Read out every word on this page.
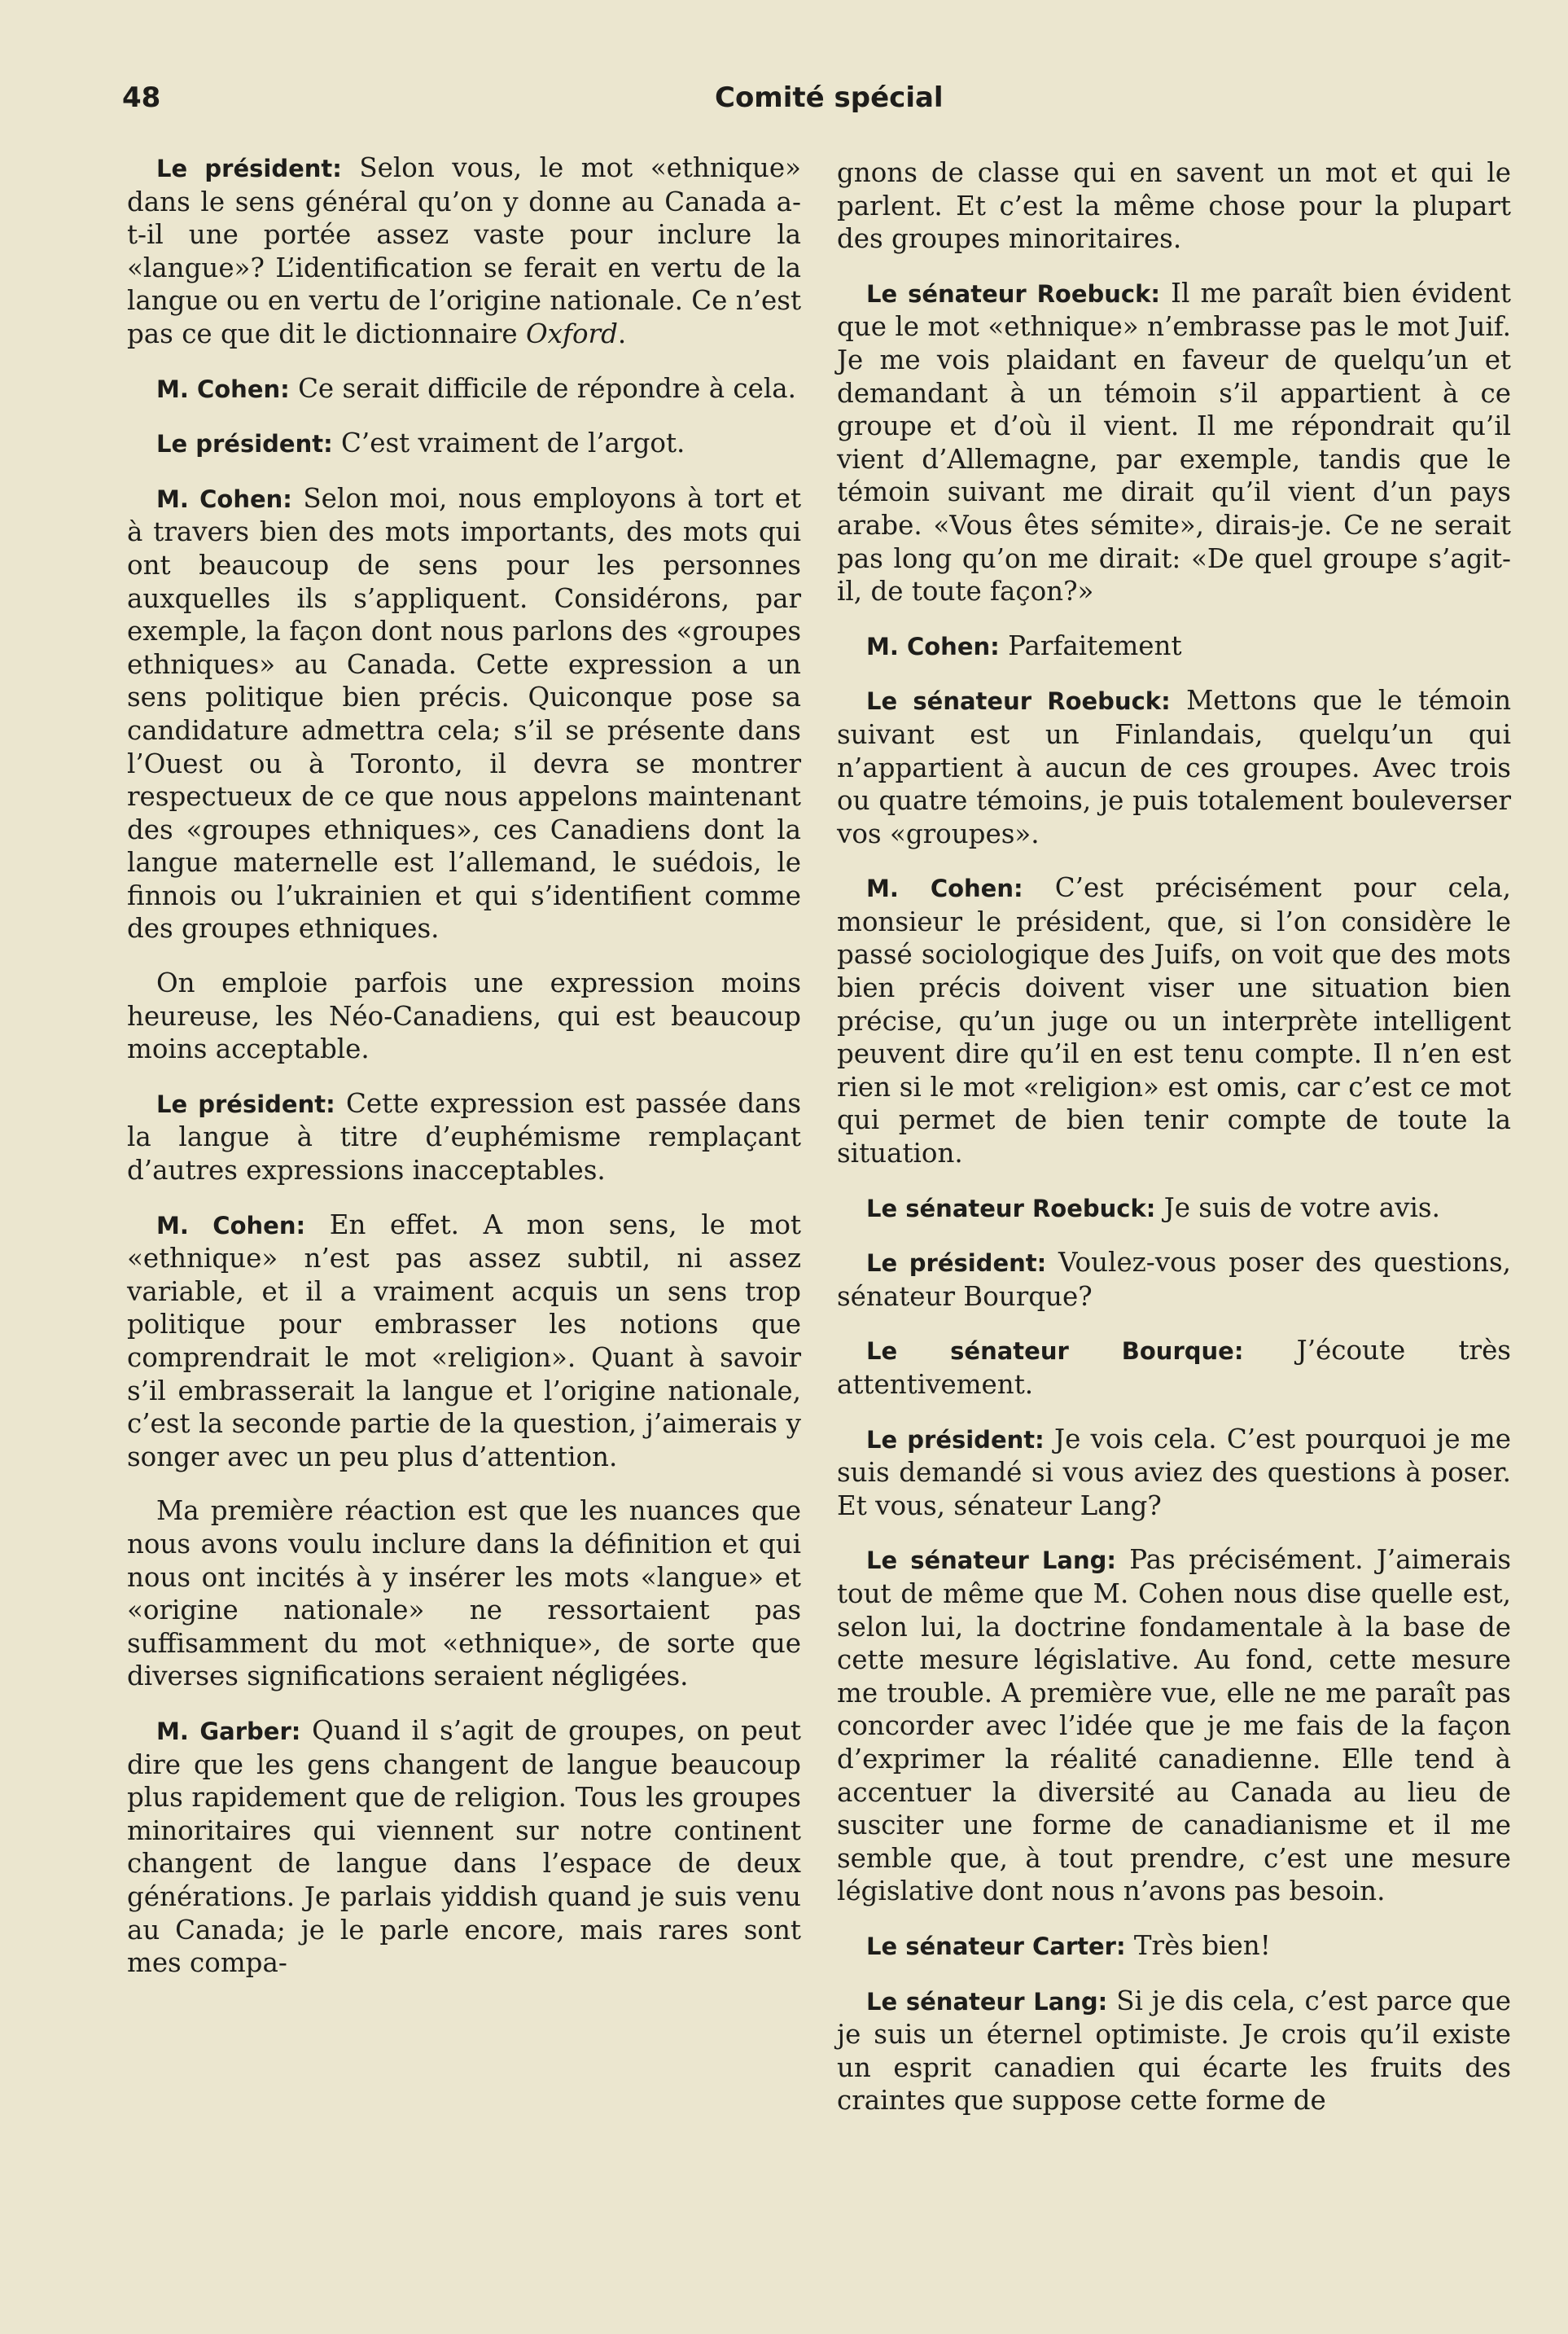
48	Comité spécial

Le président: Selon vous, le mot «ethnique» dans le sens général qu’on y donne au Canada a-t-il une portée assez vaste pour inclure la «langue»? L’identification se ferait en vertu de la langue ou en vertu de l’origine nationale. Ce n’est pas ce que dit le dictionnaire Oxford.

M. Cohen: Ce serait difficile de répondre à cela.

Le président: C’est vraiment de l’argot.

M. Cohen: Selon moi, nous employons à tort et à travers bien des mots importants, des mots qui ont beaucoup de sens pour les personnes auxquelles ils s’appliquent. Considérons, par exemple, la façon dont nous parlons des «groupes ethniques» au Canada. Cette expression a un sens politique bien précis. Quiconque pose sa candidature admettra cela; s’il se présente dans l’Ouest ou à Toronto, il devra se montrer respectueux de ce que nous appelons maintenant des «groupes ethniques», ces Canadiens dont la langue maternelle est l’allemand, le suédois, le finnois ou l’ukrainien et qui s’identifient comme des groupes ethniques.

On emploie parfois une expression moins heureuse, les Néo-Canadiens, qui est beaucoup moins acceptable.

Le président: Cette expression est passée dans la langue à titre d’euphémisme remplaçant d’autres expressions inacceptables.

M. Cohen: En effet. A mon sens, le mot «ethnique» n’est pas assez subtil, ni assez variable, et il a vraiment acquis un sens trop politique pour embrasser les notions que comprendrait le mot «religion». Quant à savoir s’il embrasserait la langue et l’origine nationale, c’est la seconde partie de la question, j’aimerais y songer avec un peu plus d’attention.

Ma première réaction est que les nuances que nous avons voulu inclure dans la définition et qui nous ont incités à y insérer les mots «langue» et «origine nationale» ne ressortaient pas suffisamment du mot «ethnique», de sorte que diverses significations seraient négligées.

M. Garber: Quand il s’agit de groupes, on peut dire que les gens changent de langue beaucoup plus rapidement que de religion. Tous les groupes minoritaires qui viennent sur notre continent changent de langue dans l’espace de deux générations. Je parlais yiddish quand je suis venu au Canada; je le parle encore, mais rares sont mes compa-

gnons de classe qui en savent un mot et qui le parlent. Et c’est la même chose pour la plupart des groupes minoritaires.

Le sénateur Roebuck: Il me paraît bien évident que le mot «ethnique» n’embrasse pas le mot Juif. Je me vois plaidant en faveur de quelqu’un et demandant à un témoin s’il appartient à ce groupe et d’où il vient. Il me répondrait qu’il vient d’Allemagne, par exemple, tandis que le témoin suivant me dirait qu’il vient d’un pays arabe. «Vous êtes sémite», dirais-je. Ce ne serait pas long qu’on me dirait: «De quel groupe s’agit-il, de toute façon?»

M. Cohen: Parfaitement

Le sénateur Roebuck: Mettons que le témoin suivant est un Finlandais, quelqu’un qui n’appartient à aucun de ces groupes. Avec trois ou quatre témoins, je puis totalement bouleverser vos «groupes».

M. Cohen: C’est précisément pour cela, monsieur le président, que, si l’on considère le passé sociologique des Juifs, on voit que des mots bien précis doivent viser une situation bien précise, qu’un juge ou un interprète intelligent peuvent dire qu’il en est tenu compte. Il n’en est rien si le mot «religion» est omis, car c’est ce mot qui permet de bien tenir compte de toute la situation.

Le sénateur Roebuck: Je suis de votre avis.

Le président: Voulez-vous poser des questions, sénateur Bourque?

Le sénateur Bourque: J’écoute très attentivement.

Le président: Je vois cela. C’est pourquoi je me suis demandé si vous aviez des questions à poser. Et vous, sénateur Lang?

Le sénateur Lang: Pas précisément. J’aimerais tout de même que M. Cohen nous dise quelle est, selon lui, la doctrine fondamentale à la base de cette mesure législative. Au fond, cette mesure me trouble. A première vue, elle ne me paraît pas concorder avec l’idée que je me fais de la façon d’exprimer la réalité canadienne. Elle tend à accentuer la diversité au Canada au lieu de susciter une forme de canadianisme et il me semble que, à tout prendre, c’est une mesure législative dont nous n’avons pas besoin.

Le sénateur Carter: Très bien!

Le sénateur Lang: Si je dis cela, c’est parce que je suis un éternel optimiste. Je crois qu’il existe un esprit canadien qui écarte les fruits des craintes que suppose cette forme de
